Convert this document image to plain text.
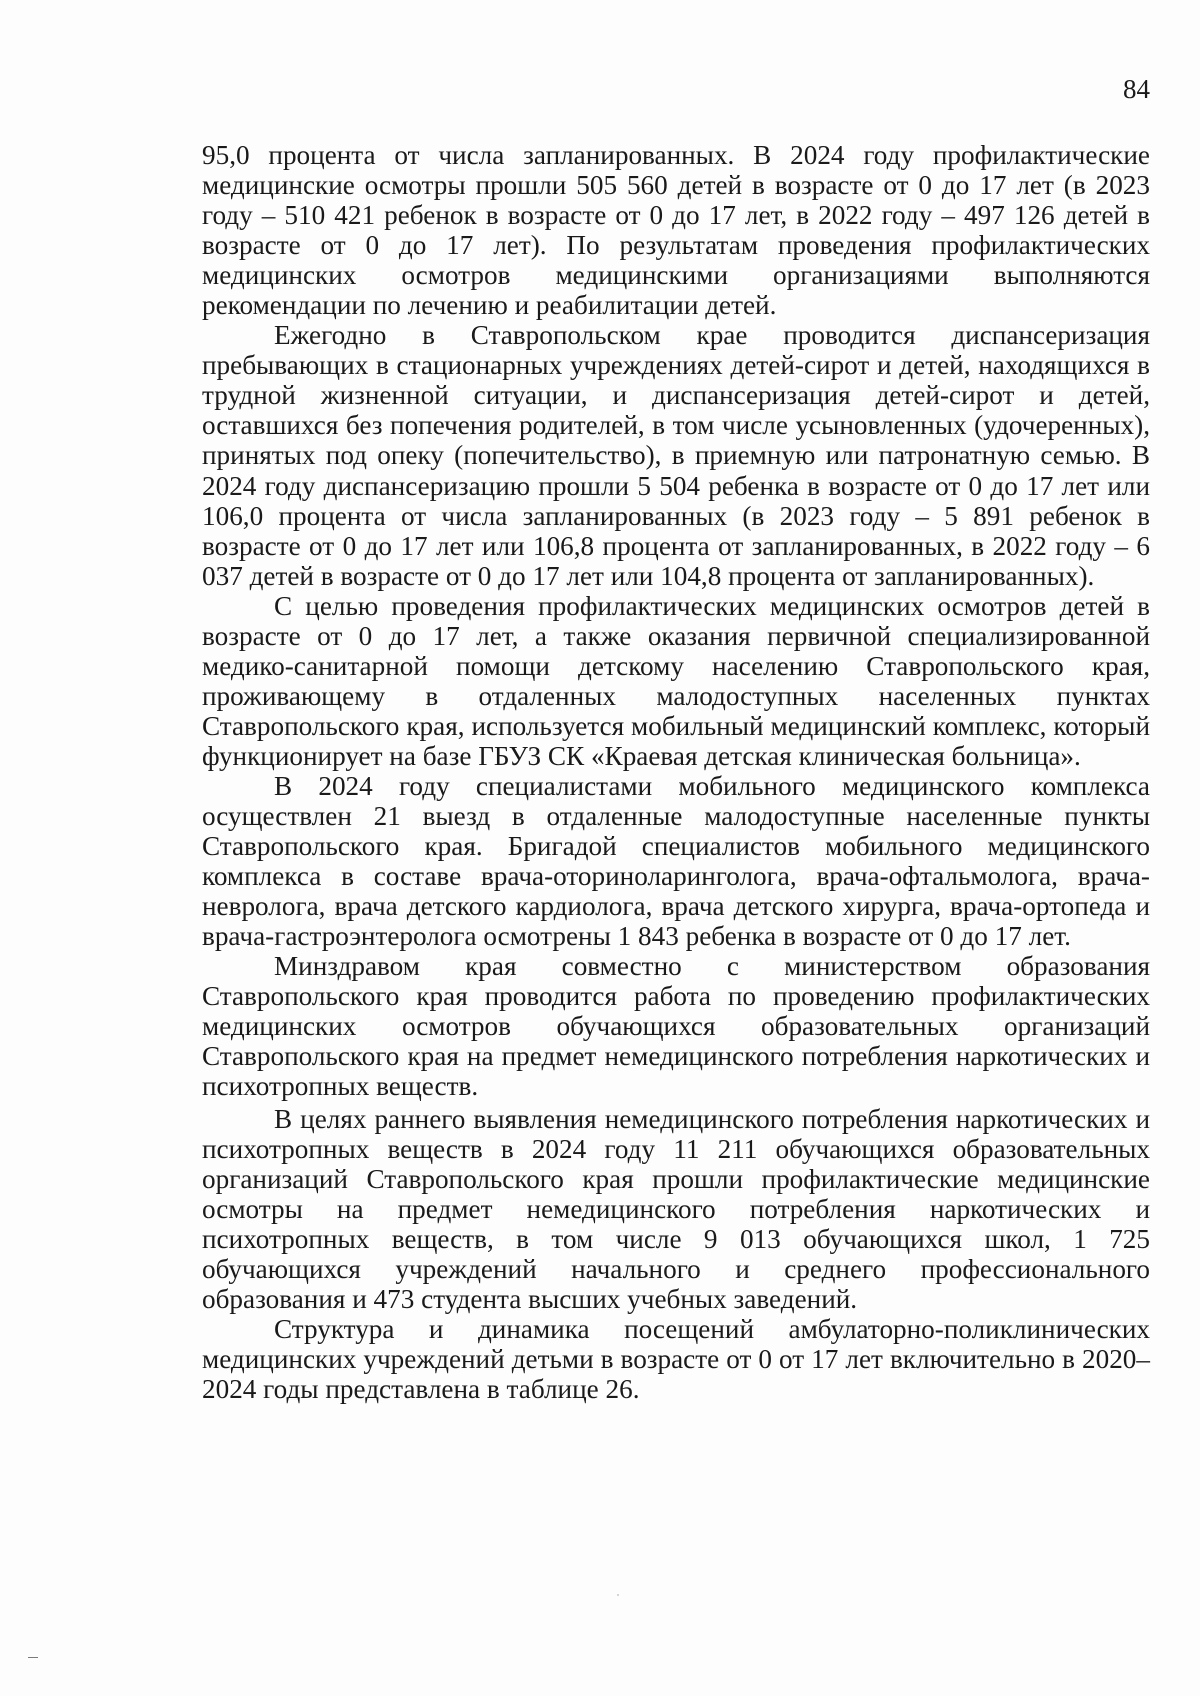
84

95,0 процента от числа запланированных. В 2024 году профилактические медицинские осмотры прошли 505 560 детей в возрасте от 0 до 17 лет (в 2023 году – 510 421 ребенок в возрасте от 0 до 17 лет, в 2022 году – 497 126 детей в возрасте от 0 до 17 лет). По результатам проведения профилактических медицинских осмотров медицинскими организациями выполняются рекомендации по лечению и реабилитации детей.

Ежегодно в Ставропольском крае проводится диспансеризация пребывающих в стационарных учреждениях детей-сирот и детей, находящихся в трудной жизненной ситуации, и диспансеризация детей-сирот и детей, оставшихся без попечения родителей, в том числе усыновленных (удочеренных), принятых под опеку (попечительство), в приемную или патронатную семью. В 2024 году диспансеризацию прошли 5 504 ребенка в возрасте от 0 до 17 лет или 106,0 процента от числа запланированных (в 2023 году – 5 891 ребенок в возрасте от 0 до 17 лет или 106,8 процента от запланированных, в 2022 году – 6 037 детей в возрасте от 0 до 17 лет или 104,8 процента от запланированных).

С целью проведения профилактических медицинских осмотров детей в возрасте от 0 до 17 лет, а также оказания первичной специализированной медико-санитарной помощи детскому населению Ставропольского края, проживающему в отдаленных малодоступных населенных пунктах Ставропольского края, используется мобильный медицинский комплекс, который функционирует на базе ГБУЗ СК «Краевая детская клиническая больница».

В 2024 году специалистами мобильного медицинского комплекса осуществлен 21 выезд в отдаленные малодоступные населенные пункты Ставропольского края. Бригадой специалистов мобильного медицинского комплекса в составе врача-оториноларинголога, врача-офтальмолога, врача-невролога, врача детского кардиолога, врача детского хирурга, врача-ортопеда и врача-гастроэнтеролога осмотрены 1 843 ребенка в возрасте от 0 до 17 лет.

Минздравом края совместно с министерством образования Ставропольского края проводится работа по проведению профилактических медицинских осмотров обучающихся образовательных организаций Ставропольского края на предмет немедицинского потребления наркотических и психотропных веществ.

В целях раннего выявления немедицинского потребления наркотических и психотропных веществ в 2024 году 11 211 обучающихся образовательных организаций Ставропольского края прошли профилактические медицинские осмотры на предмет немедицинского потребления наркотических и психотропных веществ, в том числе 9 013 обучающихся школ, 1 725 обучающихся учреждений начального и среднего профессионального образования и 473 студента высших учебных заведений.

Структура и динамика посещений амбулаторно-поликлинических медицинских учреждений детьми в возрасте от 0 от 17 лет включительно в 2020–2024 годы представлена в таблице 26.
